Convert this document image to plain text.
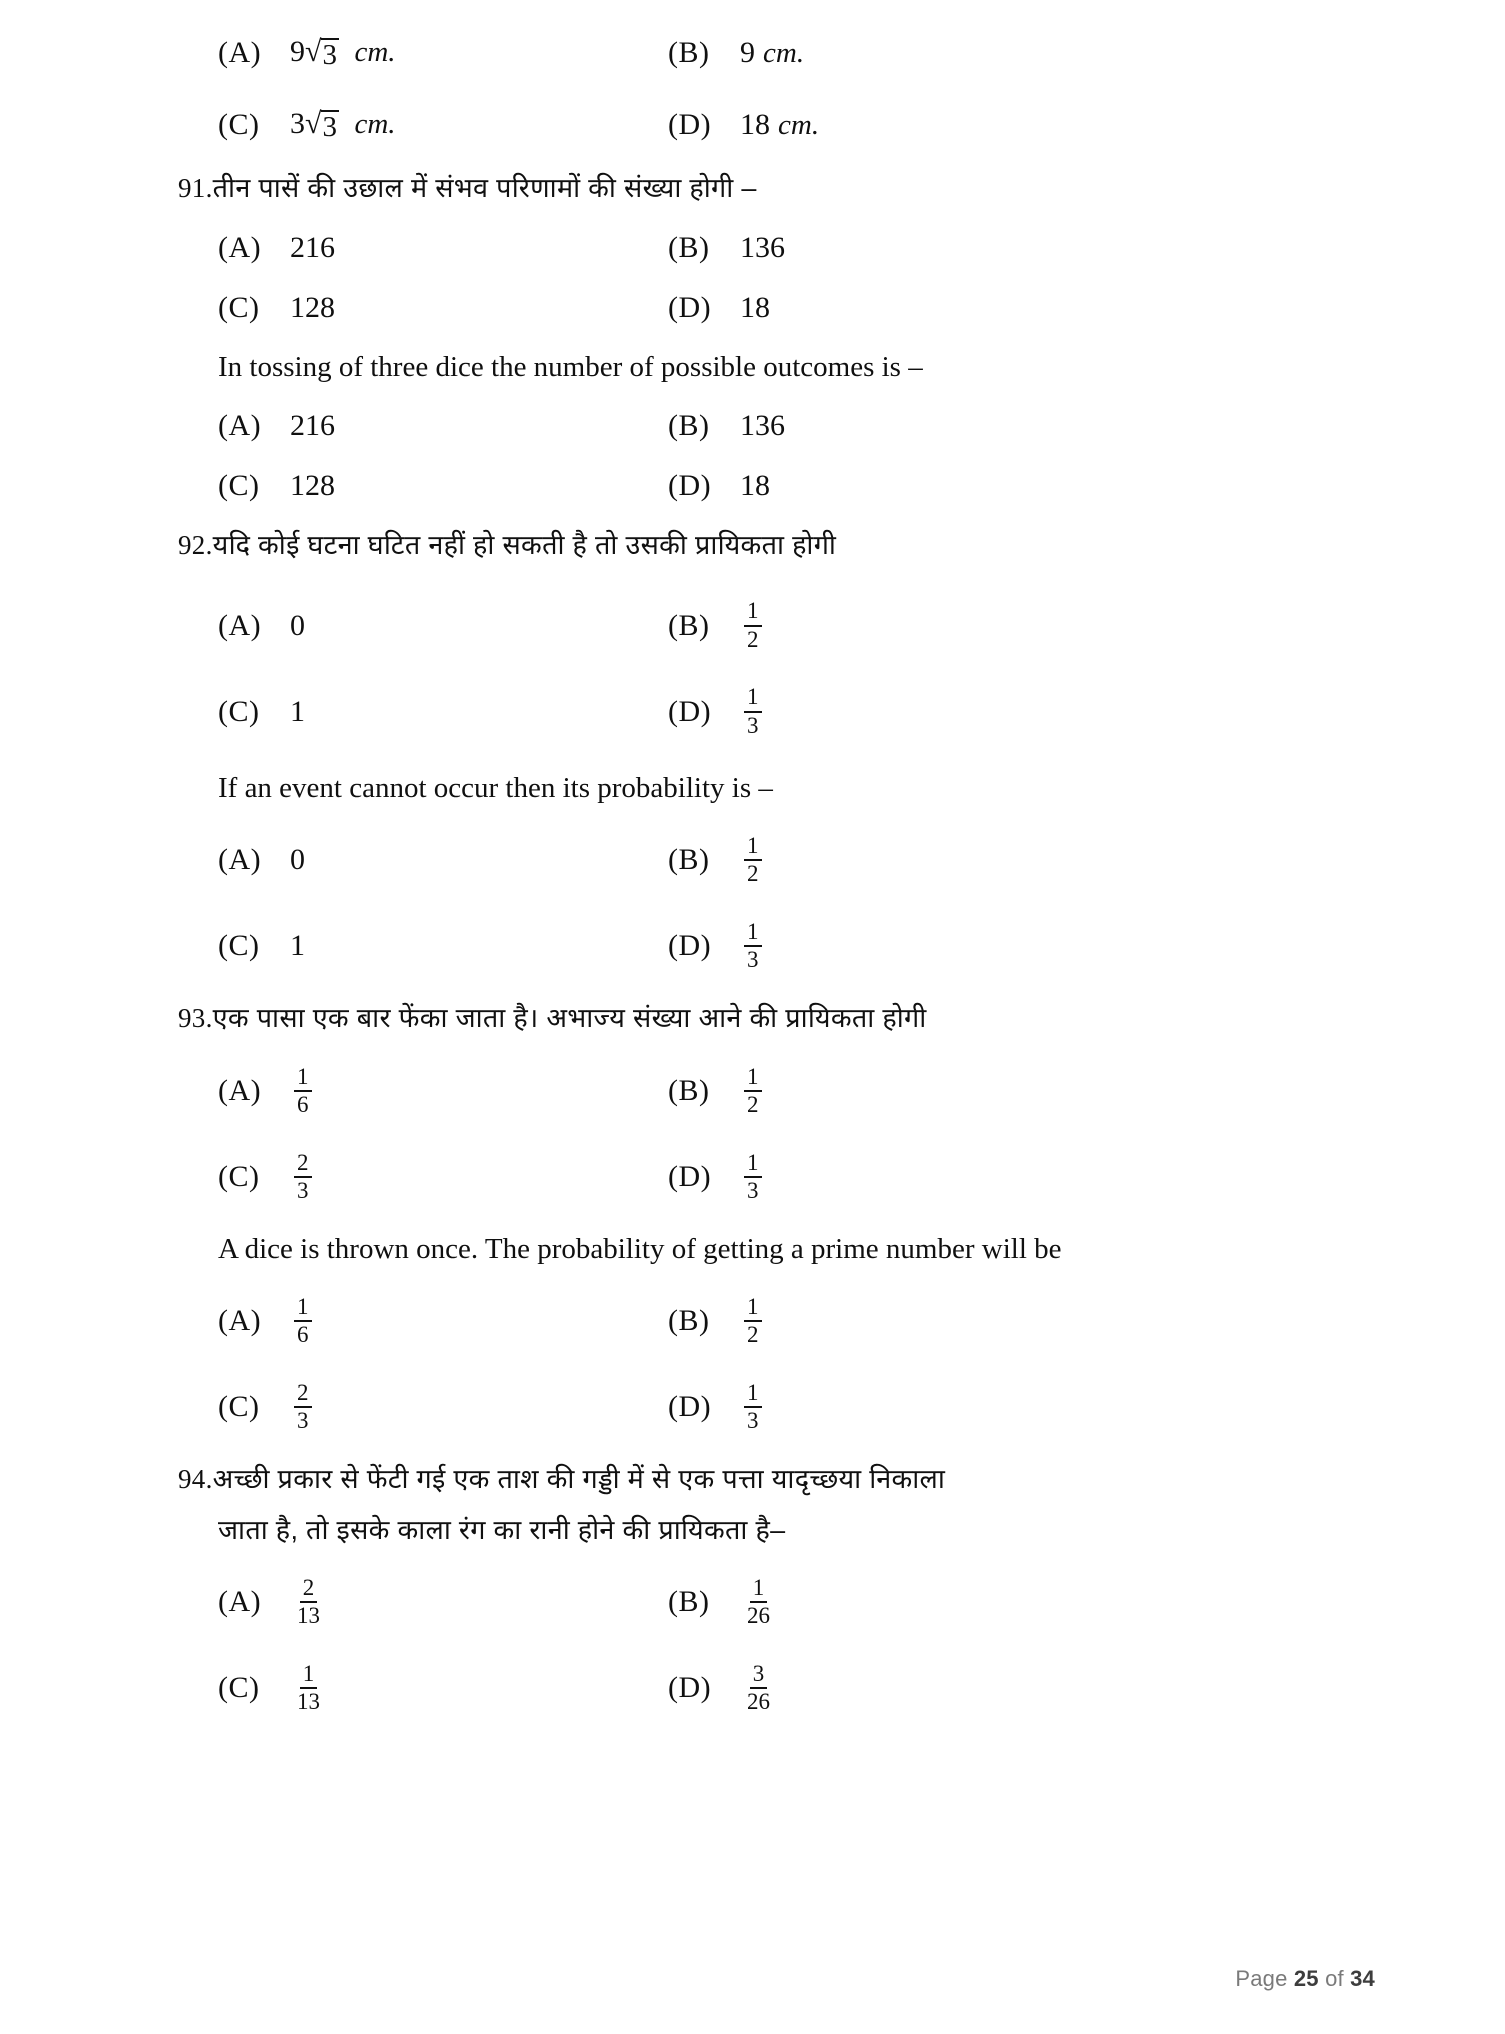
(A) 9 √ 3 cm.	(B)	9 cm.
(C)	3 √ 3 cm.	(D) 18 cm.
91.तीन पासें की उछाल में संभव परिणामों की संख्या होगी –
(A) 216	(B)	136
(C)	128	(D) 18
In tossing of three dice the number of possible outcomes is –
(A) 216	(B)	136
(C)	128	(D) 18
92.यदि कोई घटना घटित नहीं हो सकती है तो उसकी प्रायिकता होगी
(A) 0	(B)	$\frac{1}{2}$
(C)	1	(D)	$\frac{1}{3}$
If an event cannot occur then its probability is –
(A) 0	(B)	$\frac{1}{2}$
(C)	1	(D)	$\frac{1}{3}$
93.एक पासा एक बार फेंका जाता है। अभाज्य संख्या आने की प्रायिकता होगी
(A)	$\frac{1}{6}$	(B)	$\frac{1}{2}$
(C)	$\frac{2}{3}$	(D)	$\frac{1}{3}$
A dice is thrown once. The probability of getting a prime number will be
(A)	$\frac{1}{6}$	(B)	$\frac{1}{2}$
(C)	$\frac{2}{3}$	(D)	$\frac{1}{3}$
94.अच्छी प्रकार से फेंटी गई एक ताश की गड्डी में से एक पत्ता यादृच्छया निकाला
जाता है, तो इसके काला रंग का रानी होने की प्रायिकता है–
(A)	$\frac{2}{13}$	(B)	$\frac{1}{26}$
(C)	$\frac{1}{13}$	(D)	$\frac{3}{26}$
Page 25 of 34
